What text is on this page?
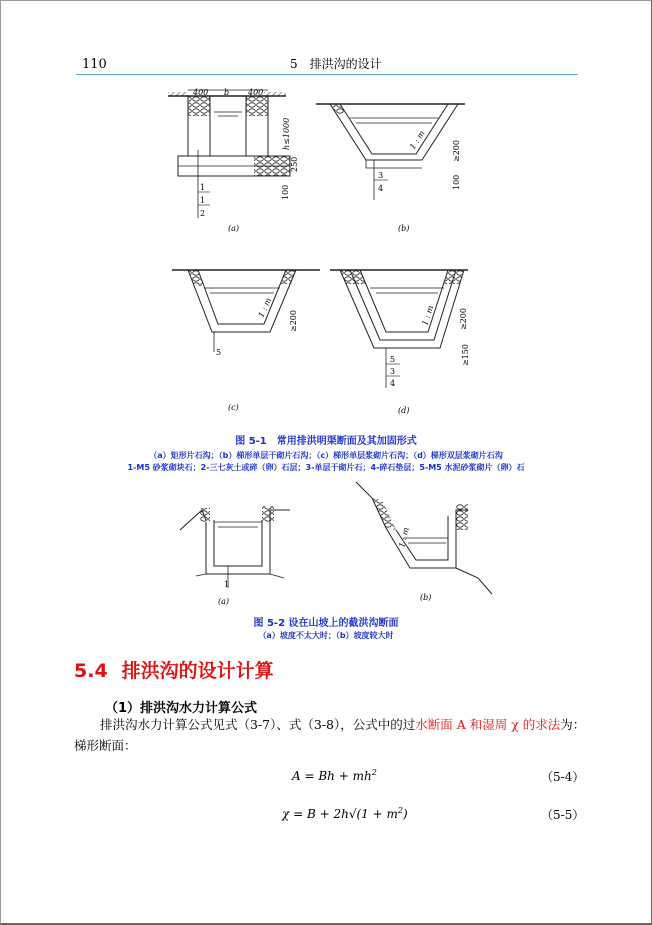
110	5　排洪沟的设计
400 b 400
h≤1000
250
100
1
1
2
(a)
1 : m
3
4
≥200
100
(b)
1 : m
5
≥200
(c)
1 : m
5
3
4
≥200
≥150
(d)
1
(a)
1 : m
(b)
图 5-1　常用排洪明渠断面及其加固形式
（a）矩形片石沟；（b）梯形单层干砌片石沟；（c）梯形单层浆砌片石沟；（d）梯形双层浆砌片石沟
1-M5 砂浆砌块石；2-三七灰土或碎（卵）石层；3-单层干砌片石；4-碎石垫层；5-M5 水泥砂浆砌片（卵）石
图 5-2 设在山坡上的截洪沟断面
（a）坡度不太大时；（b）坡度较大时
5.4 排洪沟的设计计算
（1）排洪沟水力计算公式
排洪沟水力计算公式见式（3-7）、式（3-8），公式中的过水断面 A 和湿周 χ 的求法为：
梯形断面：
$A = Bh + mh^2$	（5-4）
$\chi = B + 2h√(1 + m^2)$	（5-5）
